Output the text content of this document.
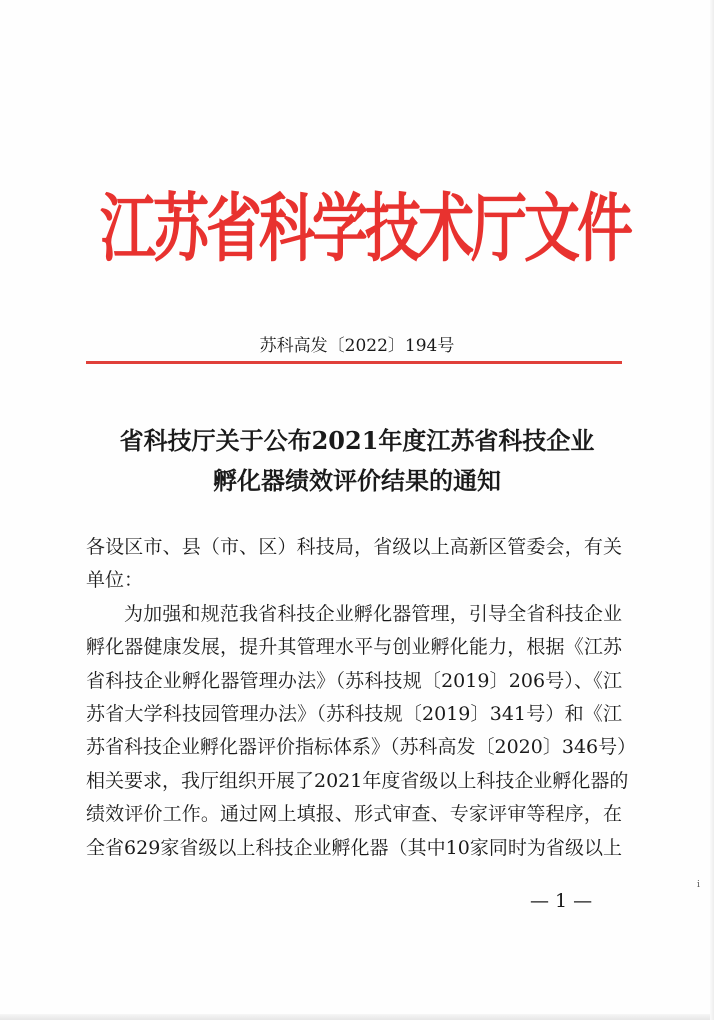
江苏省科学技术厅文件
苏科高发〔2022〕194号
省科技厅关于公布2021年度江苏省科技企业
孵化器绩效评价结果的通知
各设区市、县（市、区）科技局，省级以上高新区管委会，有关
单位：
为加强和规范我省科技企业孵化器管理，引导全省科技企业
孵化器健康发展，提升其管理水平与创业孵化能力，根据《江苏
省科技企业孵化器管理办法》（苏科技规〔2019〕206号）、《江
苏省大学科技园管理办法》（苏科技规〔2019〕341号）和《江
苏省科技企业孵化器评价指标体系》（苏科高发〔2020〕346号）
相关要求，我厅组织开展了2021年度省级以上科技企业孵化器的
绩效评价工作。通过网上填报、形式审查、专家评审等程序，在
全省629家省级以上科技企业孵化器（其中10家同时为省级以上
— 1 —
ⅰ
